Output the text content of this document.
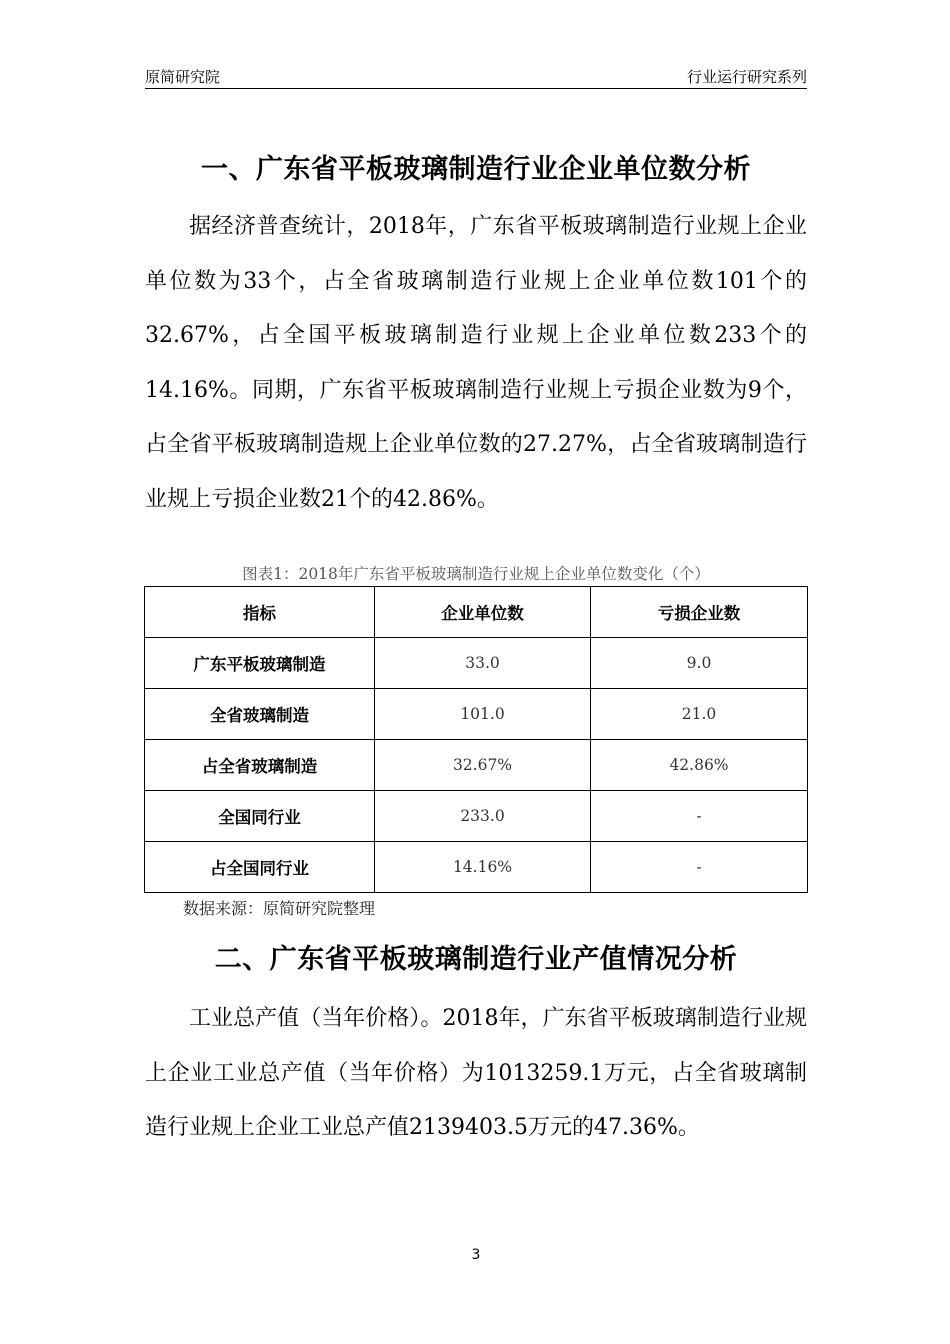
原简研究院	行业运行研究系列
一、广东省平板玻璃制造行业企业单位数分析

据经济普查统计，2018年，广东省平板玻璃制造行业规上企业单位数为33个，占全省玻璃制造行业规上企业单位数101个的32.67%，占全国平板玻璃制造行业规上企业单位数233个的14.16%。同期，广东省平板玻璃制造行业规上亏损企业数为9个，占全省平板玻璃制造规上企业单位数的27.27%，占全省玻璃制造行业规上亏损企业数21个的42.86%。

图表1：2018年广东省平板玻璃制造行业规上企业单位数变化（个）
指标	企业单位数	亏损企业数
广东平板玻璃制造	33.0	9.0
全省玻璃制造	101.0	21.0
占全省玻璃制造	32.67%	42.86%
全国同行业	233.0	-
占全国同行业	14.16%	-
数据来源：原简研究院整理
二、广东省平板玻璃制造行业产值情况分析

工业总产值（当年价格）。2018年，广东省平板玻璃制造行业规上企业工业总产值（当年价格）为1013259.1万元，占全省玻璃制造行业规上企业工业总产值2139403.5万元的47.36%。

3
